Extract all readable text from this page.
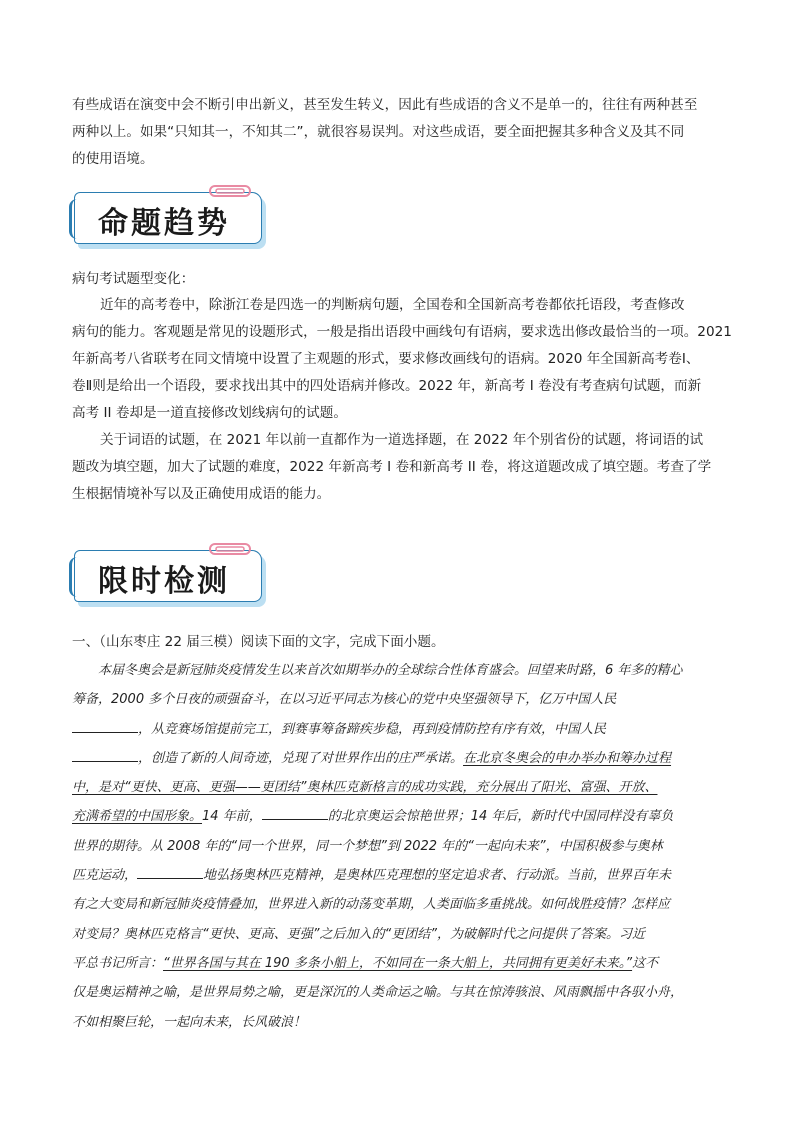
有些成语在演变中会不断引申出新义，甚至发生转义，因此有些成语的含义不是单一的，往往有两种甚至
两种以上。如果“只知其一，不知其二”，就很容易误判。对这些成语，要全面把握其多种含义及其不同
的使用语境。
命题趋势
病句考试题型变化：
近年的高考卷中，除浙江卷是四选一的判断病句题，全国卷和全国新高考卷都依托语段，考查修改
病句的能力。客观题是常见的设题形式，一般是指出语段中画线句有语病，要求选出修改最恰当的一项。2021
年新高考八省联考在同文情境中设置了主观题的形式，要求修改画线句的语病。2020 年全国新高考卷Ⅰ、
卷Ⅱ则是给出一个语段，要求找出其中的四处语病并修改。2022 年，新高考 I 卷没有考查病句试题，而新
高考 II 卷却是一道直接修改划线病句的试题。
关于词语的试题，在 2021 年以前一直都作为一道选择题，在 2022 年个别省份的试题，将词语的试
题改为填空题，加大了试题的难度，2022 年新高考 I 卷和新高考 II 卷，将这道题改成了填空题。考查了学
生根据情境补写以及正确使用成语的能力。
限时检测
一、（山东枣庄 22 届三模）阅读下面的文字，完成下面小题。
本届冬奥会是新冠肺炎疫情发生以来首次如期举办的全球综合性体育盛会。回望来时路，6 年多的精心
筹备，2000 多个日夜的顽强奋斗，在以习近平同志为核心的党中央坚强领导下，亿万中国人民
，从竞赛场馆提前完工，到赛事筹备蹄疾步稳，再到疫情防控有序有效，中国人民
，创造了新的人间奇迹，兑现了对世界作出的庄严承诺。在北京冬奥会的申办举办和筹办过程
中，是对“更快、更高、更强——更团结”奥林匹克新格言的成功实践，充分展出了阳光、富强、开放、
充满希望的中国形象。14 年前，	的北京奥运会惊艳世界；14 年后，新时代中国同样没有辜负
世界的期待。从 2008 年的“同一个世界，同一个梦想”到 2022 年的“一起向未来”，中国积极参与奥林
匹克运动，	地弘扬奥林匹克精神，是奥林匹克理想的坚定追求者、行动派。当前，世界百年未
有之大变局和新冠肺炎疫情叠加，世界进入新的动荡变革期，人类面临多重挑战。如何战胜疫情？怎样应
对变局？奥林匹克格言“更快、更高、更强”之后加入的“更团结”，为破解时代之问提供了答案。习近
平总书记所言：“世界各国与其在 190 多条小船上，不如同在一条大船上，共同拥有更美好未来。”这不
仅是奥运精神之喻，是世界局势之喻，更是深沉的人类命运之喻。与其在惊涛骇浪、风雨飘摇中各驭小舟，
不如相聚巨轮，一起向未来，长风破浪！
